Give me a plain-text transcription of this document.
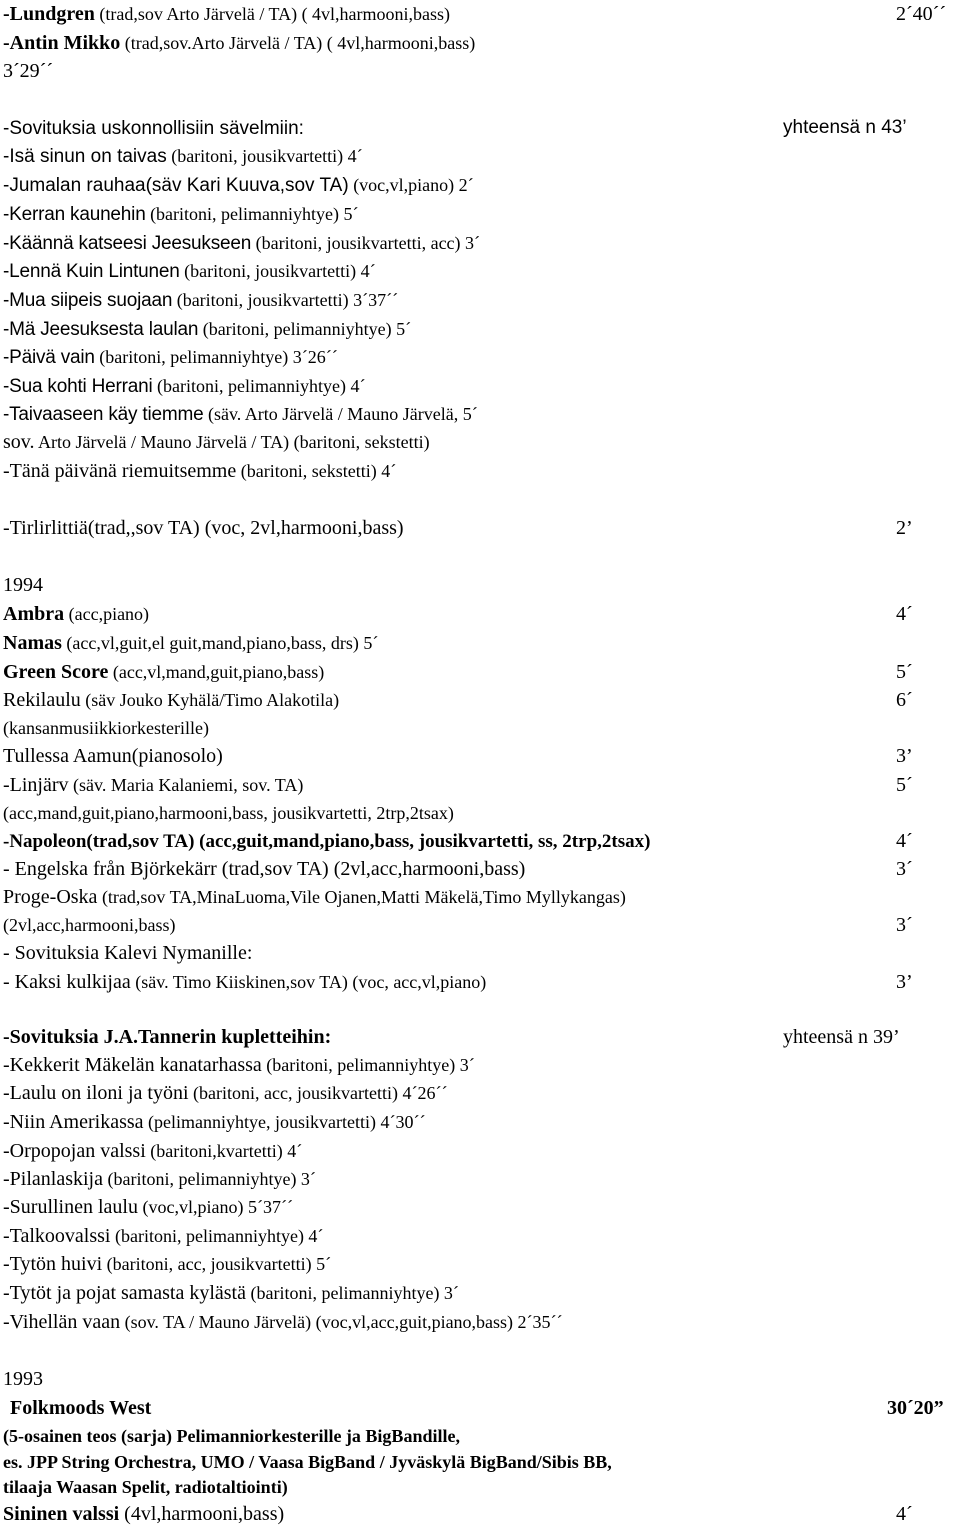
-Lundgren (trad,sov Arto Järvelä / TA) ( 4vl,harmooni,bass)	2´40´´
-Antin Mikko (trad,sov.Arto Järvelä / TA) ( 4vl,harmooni,bass)
3´29´´
-Sovituksia uskonnollisiin sävelmiin:	yhteensä n 43’
-Isä sinun on taivas (baritoni, jousikvartetti) 4´
-Jumalan rauhaa(säv Kari Kuuva,sov TA) (voc,vl,piano) 2´
-Kerran kaunehin (baritoni, pelimanniyhtye) 5´
-Käännä katseesi Jeesukseen (baritoni, jousikvartetti, acc) 3´
-Lennä Kuin Lintunen (baritoni, jousikvartetti) 4´
-Mua siipeis suojaan (baritoni, jousikvartetti) 3´37´´
-Mä Jeesuksesta laulan (baritoni, pelimanniyhtye) 5´
-Päivä vain (baritoni, pelimanniyhtye) 3´26´´
-Sua kohti Herrani (baritoni, pelimanniyhtye) 4´
-Taivaaseen käy tiemme (säv. Arto Järvelä / Mauno Järvelä, 5´
sov. Arto Järvelä / Mauno Järvelä / TA) (baritoni, sekstetti)
-Tänä päivänä riemuitsemme (baritoni, sekstetti) 4´
-Tirlirlittiä(trad,,sov TA) (voc, 2vl,harmooni,bass)	2’
1994
Ambra (acc,piano)	4´
Namas (acc,vl,guit,el guit,mand,piano,bass, drs) 5´
Green Score (acc,vl,mand,guit,piano,bass)	5´
Rekilaulu (säv Jouko Kyhälä/Timo Alakotila)	6´
(kansanmusiikkiorkesterille)
Tullessa Aamun(pianosolo)	3’
-Linjärv (säv. Maria Kalaniemi, sov. TA)	5´
(acc,mand,guit,piano,harmooni,bass, jousikvartetti, 2trp,2tsax)
-Napoleon(trad,sov TA) (acc,guit,mand,piano,bass, jousikvartetti, ss, 2trp,2tsax)	4´
- Engelska från Björkekärr (trad,sov TA) (2vl,acc,harmooni,bass)	3´
Proge-Oska (trad,sov TA,MinaLuoma,Vile Ojanen,Matti Mäkelä,Timo Myllykangas)
(2vl,acc,harmooni,bass)	3´
- Sovituksia Kalevi Nymanille:
- Kaksi kulkijaa (säv. Timo Kiiskinen,sov TA) (voc, acc,vl,piano)	3’
-Sovituksia J.A.Tannerin kupletteihin:	yhteensä n 39’
-Kekkerit Mäkelän kanatarhassa (baritoni, pelimanniyhtye) 3´
-Laulu on iloni ja työni (baritoni, acc, jousikvartetti) 4´26´´
-Niin Amerikassa (pelimanniyhtye, jousikvartetti) 4´30´´
-Orpopojan valssi (baritoni,kvartetti) 4´
-Pilanlaskija (baritoni, pelimanniyhtye) 3´
-Surullinen laulu (voc,vl,piano) 5´37´´
-Talkoovalssi (baritoni, pelimanniyhtye) 4´
-Tytön huivi (baritoni, acc, jousikvartetti) 5´
-Tytöt ja pojat samasta kylästä (baritoni, pelimanniyhtye) 3´
-Vihellän vaan (sov. TA / Mauno Järvelä) (voc,vl,acc,guit,piano,bass) 2´35´´
1993
Folkmoods West	30´20”
(5-osainen teos (sarja) Pelimanniorkesterille ja BigBandille,
es. JPP String Orchestra, UMO / Vaasa BigBand / Jyväskylä BigBand/Sibis BB,
tilaaja Waasan Spelit, radiotaltiointi)
Sininen valssi (4vl,harmooni,bass)	4´
